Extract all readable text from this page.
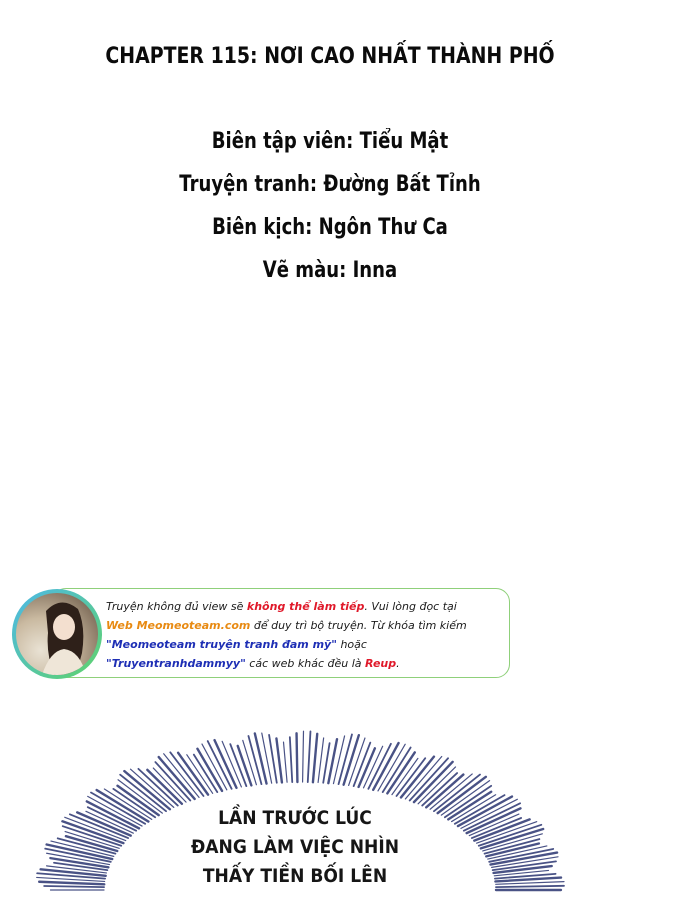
CHAPTER 115: NƠI CAO NHẤT THÀNH PHỐ
Biên tập viên: Tiểu Mật
Truyện tranh: Đường Bất Tỉnh
Biên kịch: Ngôn Thư Ca
Vẽ màu: Inna
Truyện không đủ view sẽ không thể làm tiếp. Vui lòng đọc tại
Web Meomeoteam.com để duy trì bộ truyện. Từ khóa tìm kiếm
"Meomeoteam truyện tranh đam mỹ" hoặc
"Truyentranhdammyy" các web khác đều là Reup.
LẦN TRƯỚC LÚC
ĐANG LÀM VIỆC NHÌN
THẤY TIỀN BỐI LÊN
